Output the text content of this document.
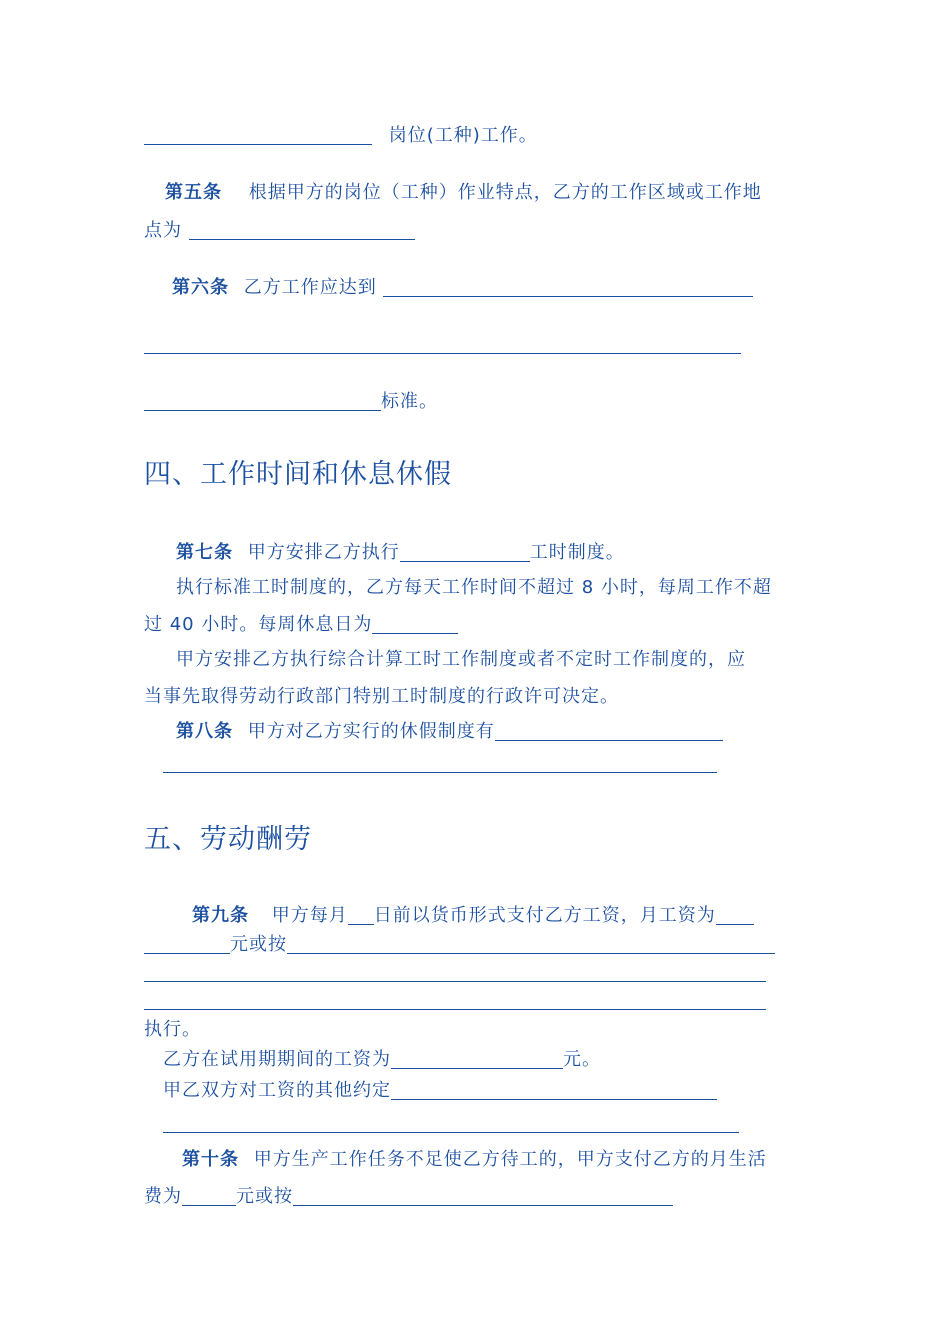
岗位(工种)工作。
第五条 根据甲方的岗位（工种）作业特点，乙方的工作区域或工作地
点为
第六条 乙方工作应达到
标准。
四、工作时间和休息休假
第七条 甲方安排乙方执行	工时制度。
执行标准工时制度的，乙方每天工作时间不超过 8 小时，每周工作不超
过 40 小时。每周休息日为
甲方安排乙方执行综合计算工时工作制度或者不定时工作制度的，应
当事先取得劳动行政部门特别工时制度的行政许可决定。
第八条 甲方对乙方实行的休假制度有
五、劳动酬劳
第九条 甲方每月 日前以货币形式支付乙方工资，月工资为
元或按
执行。
乙方在试用期期间的工资为	元。
甲乙双方对工资的其他约定
第十条 甲方生产工作任务不足使乙方待工的，甲方支付乙方的月生活
费为	元或按
